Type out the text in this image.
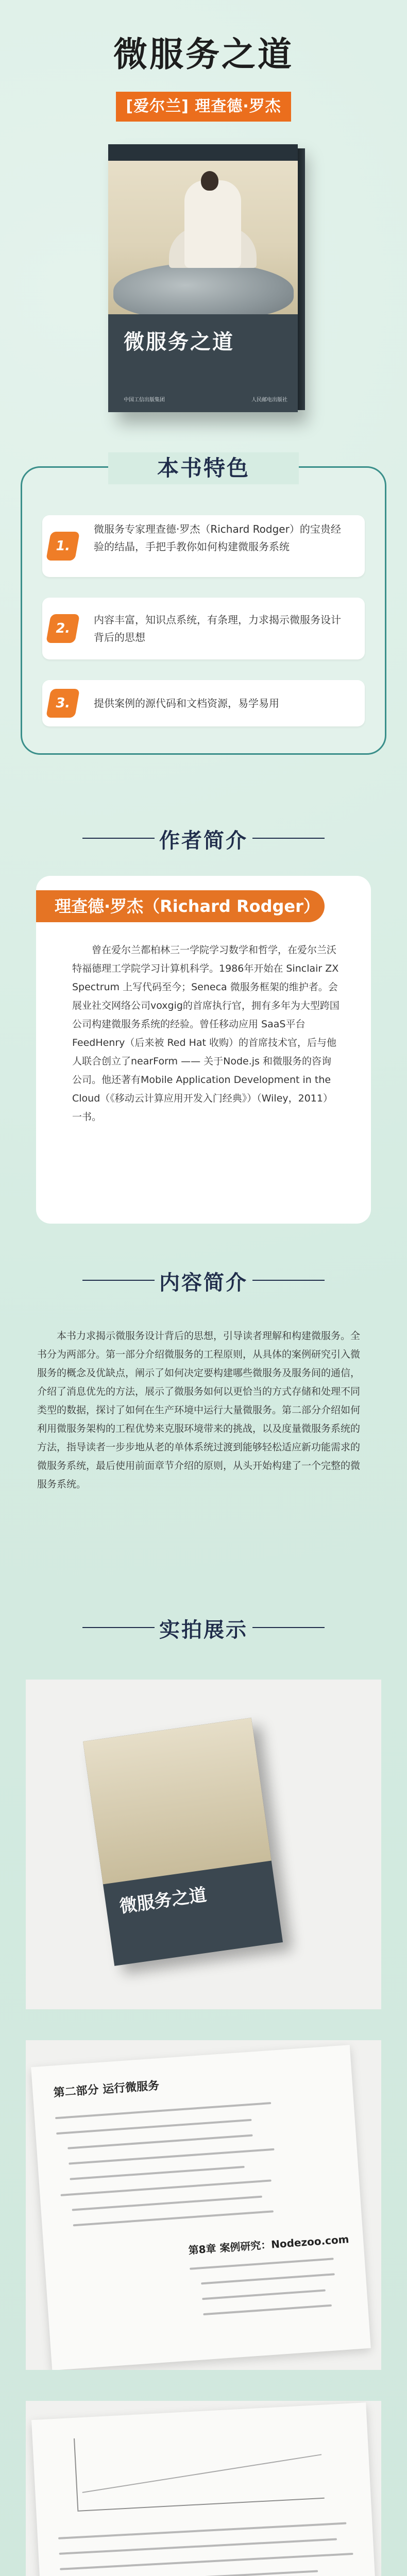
微服务之道
[爱尔兰] 理查德·罗杰
微服务之道
中国工信出版集团	人民邮电出版社
本书特色
1.
微服务专家理查德·罗杰（Richard Rodger）的宝贵经验的结晶，手把手教你如何构建微服务系统
2.
内容丰富，知识点系统，有条理，力求揭示微服务设计背后的思想
3.	提供案例的源代码和文档资源，易学易用
作者简介
理查德·罗杰（Richard Rodger）
曾在爱尔兰都柏林三一学院学习数学和哲学，在爱尔兰沃特福德理工学院学习计算机科学。1986年开始在 Sinclair ZX Spectrum 上写代码至今；Seneca 微服务框架的维护者。会展业社交网络公司voxgig的首席执行官，拥有多年为大型跨国公司构建微服务系统的经验。曾任移动应用 SaaS平台 FeedHenry（后来被 Red Hat 收购）的首席技术官，后与他人联合创立了nearForm —— 关于Node.js 和微服务的咨询公司。他还著有Mobile Application Development in the Cloud（《移动云计算应用开发入门经典》）（Wiley，2011）一书。
内容简介
本书力求揭示微服务设计背后的思想，引导读者理解和构建微服务。全书分为两部分。第一部分介绍微服务的工程原则，从具体的案例研究引入微服务的概念及优缺点，阐示了如何决定要构建哪些微服务及服务间的通信，介绍了消息优先的方法，展示了微服务如何以更恰当的方式存储和处理不同类型的数据，探讨了如何在生产环境中运行大量微服务。第二部分介绍如何利用微服务架构的工程优势来克服环境带来的挑战，以及度量微服务系统的方法，指导读者一步步地从老的单体系统过渡到能够轻松适应新功能需求的微服务系统，最后使用前面章节介绍的原则，从头开始构建了一个完整的微服务系统。
实拍展示
微服务之道
第二部分 运行微服务
第8章 案例研究：Nodezoo.com
